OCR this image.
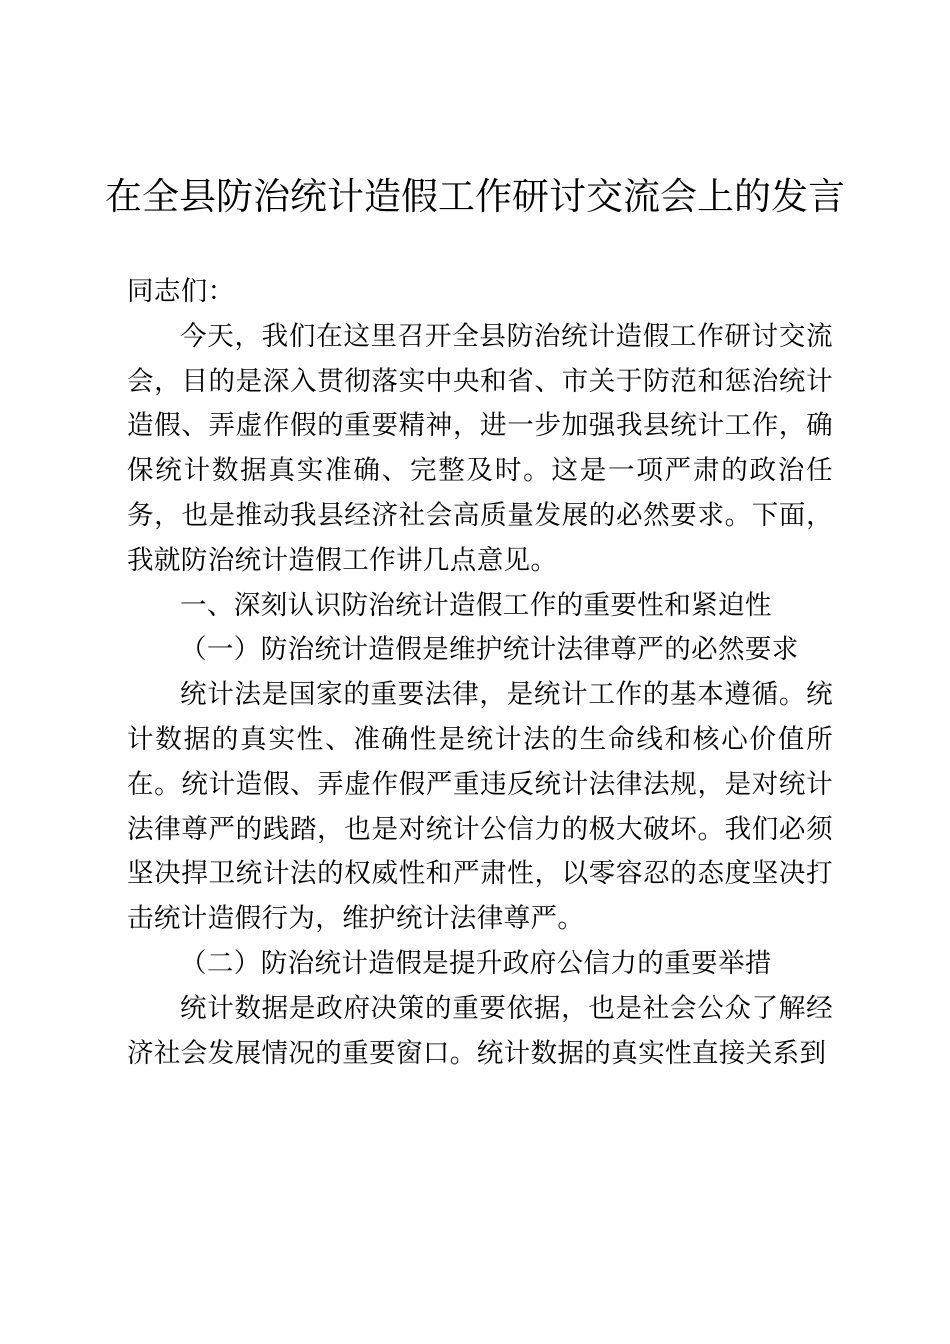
在全县防治统计造假工作研讨交流会上的发言

同志们：

今天，我们在这里召开全县防治统计造假工作研讨交流会，目的是深入贯彻落实中央和省、市关于防范和惩治统计造假、弄虚作假的重要精神，进一步加强我县统计工作，确保统计数据真实准确、完整及时。这是一项严肃的政治任务，也是推动我县经济社会高质量发展的必然要求。下面，我就防治统计造假工作讲几点意见。

一、深刻认识防治统计造假工作的重要性和紧迫性

（一）防治统计造假是维护统计法律尊严的必然要求

统计法是国家的重要法律，是统计工作的基本遵循。统计数据的真实性、准确性是统计法的生命线和核心价值所在。统计造假、弄虚作假严重违反统计法律法规，是对统计法律尊严的践踏，也是对统计公信力的极大破坏。我们必须坚决捍卫统计法的权威性和严肃性，以零容忍的态度坚决打击统计造假行为，维护统计法律尊严。

（二）防治统计造假是提升政府公信力的重要举措

统计数据是政府决策的重要依据，也是社会公众了解经济社会发展情况的重要窗口。统计数据的真实性直接关系到
